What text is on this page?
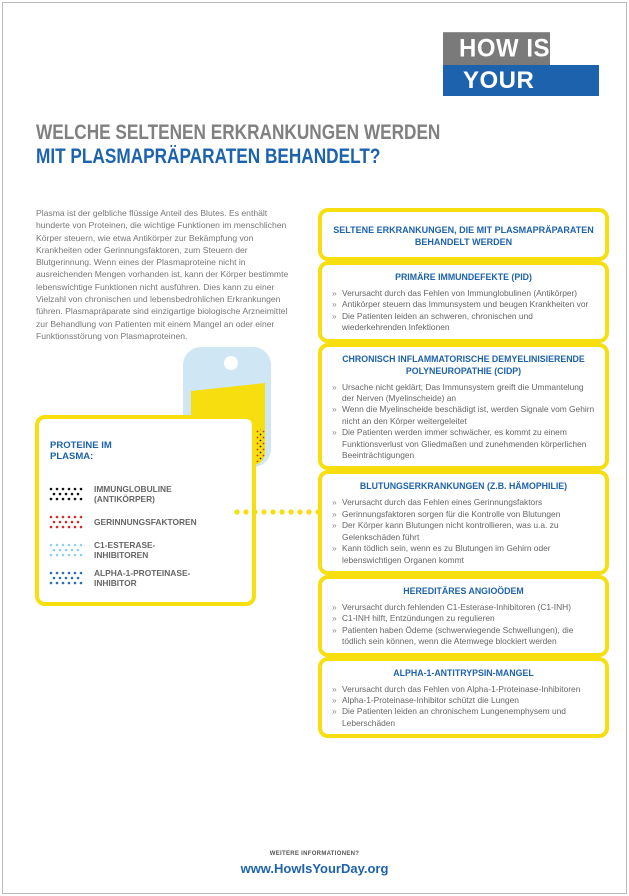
HOW IS
YOUR DAY?
WELCHE SELTENEN ERKRANKUNGEN WERDEN
MIT PLASMAPRÄPARATEN BEHANDELT?

Plasma ist der gelbliche flüssige Anteil des Blutes. Es enthält hunderte von Proteinen, die wichtige Funktionen im menschlichen Körper steuern, wie etwa Antikörper zur Bekämpfung von Krankheiten oder Gerinnungsfaktoren, zum Steuern der Blutgerinnung. Wenn eines der Plasmaproteine nicht in ausreichenden Mengen vorhanden ist, kann der Körper bestimmte lebenswichtige Funktionen nicht ausführen. Dies kann zu einer Vielzahl von chronischen und lebensbedrohlichen Erkrankungen führen. Plasmapräparate sind einzigartige biologische Arzneimittel zur Behandlung von Patienten mit einem Mangel an oder einer Funktionsstörung von Plasmaproteinen.

PROTEINE IM PLASMA:
IMMUNGLOBULINE (ANTIKÖRPER)
GERINNUNGSFAKTOREN
C1-ESTERASE-INHIBITOREN
ALPHA-1-PROTEINASE-INHIBITOR
SELTENE ERKRANKUNGEN, DIE MIT PLASMAPRÄPARATEN BEHANDELT WERDEN
PRIMÄRE IMMUNDEFEKTE (PID)
» Verursacht durch das Fehlen von Immunglobulinen (Antikörper)
» Antikörper steuern das Immunsystem und beugen Krankheiten vor
» Die Patienten leiden an schweren, chronischen und wiederkehrenden Infektionen
CHRONISCH INFLAMMATORISCHE DEMYELINISIERENDE POLYNEUROPATHIE (CIDP)
» Ursache nicht geklärt; Das Immunsystem greift die Ummantelung der Nerven (Myelinscheide) an
» Wenn die Myelinscheide beschädigt ist, werden Signale vom Gehirn nicht an den Körper weitergeleitet
» Die Patienten werden immer schwächer, es kommt zu einem Funktionsverlust von Gliedmaßen und zunehmenden körperlichen Beeinträchtigungen
BLUTUNGSERKRANKUNGEN (Z.B. HÄMOPHILIE)
» Verursacht durch das Fehlen eines Gerinnungsfaktors
» Gerinnungsfaktoren sorgen für die Kontrolle von Blutungen
» Der Körper kann Blutungen nicht kontrollieren, was u.a. zu Gelenkschäden führt
» Kann tödlich sein, wenn es zu Blutungen im Gehirn oder lebenswichtigen Organen kommt
HEREDITÄRES ANGIOÖDEM
» Verursacht durch fehlenden C1-Esterase-Inhibitoren (C1-INH)
» C1-INH hilft, Entzündungen zu regulieren
» Patienten haben Ödeme (schwerwiegende Schwellungen), die tödlich sein können, wenn die Atemwege blockiert werden
ALPHA-1-ANTITRYPSIN-MANGEL
» Verursacht durch das Fehlen von Alpha-1-Proteinase-Inhibitoren
» Alpha-1-Proteinase-Inhibitor schützt die Lungen
» Die Patienten leiden an chronischem Lungenemphysem und Leberschäden
WEITERE INFORMATIONEN?
www.HowIsYourDay.org
